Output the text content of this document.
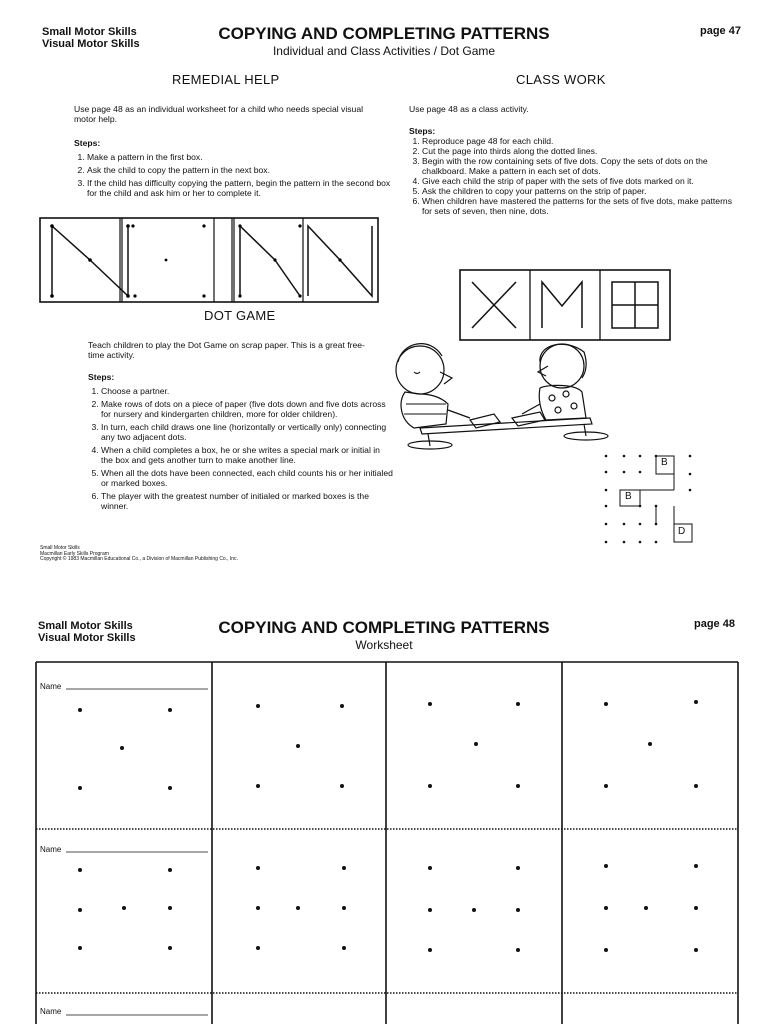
Small Motor Skills
Visual Motor Skills
COPYING AND COMPLETING PATTERNS
Individual and Class Activities / Dot Game
page 47
REMEDIAL HELP
Use page 48 as an individual worksheet for a child who needs special visual motor help.
Steps:
1. Make a pattern in the first box.
2. Ask the child to copy the pattern in the next box.
3. If the child has difficulty copying the pattern, begin the pattern in the second box for the child and ask him or her to complete it.
CLASS WORK
Use page 48 as a class activity.
Steps:
1. Reproduce page 48 for each child.
2. Cut the page into thirds along the dotted lines.
3. Begin with the row containing sets of five dots. Copy the sets of dots on the chalkboard. Make a pattern in each set of dots.
4. Give each child the strip of paper with the sets of five dots marked on it.
5. Ask the children to copy your patterns on the strip of paper.
6. When children have mastered the patterns for the sets of five dots, make patterns for sets of seven, then nine, dots.
DOT GAME
Teach children to play the Dot Game on scrap paper. This is a great free-time activity.
Steps:
1. Choose a partner.
2. Make rows of dots on a piece of paper (five dots down and five dots across for nursery and kindergarten children, more for older children).
3. In turn, each child draws one line (horizontally or vertically only) connecting any two adjacent dots.
4. When a child completes a box, he or she writes a special mark or initial in the box and gets another turn to make another line.
5. When all the dots have been connected, each child counts his or her initialed or marked boxes.
6. The player with the greatest number of initialed or marked boxes is the winner.
B
B
D
Small Motor Skills
Macmillan Early Skills Program
Copyright © 1983 Macmillan Educational Co., a Division of Macmillan Publishing Co., Inc.
Small Motor Skills
Visual Motor Skills
COPYING AND COMPLETING PATTERNS
Worksheet
page 48
Name
Name
Name
